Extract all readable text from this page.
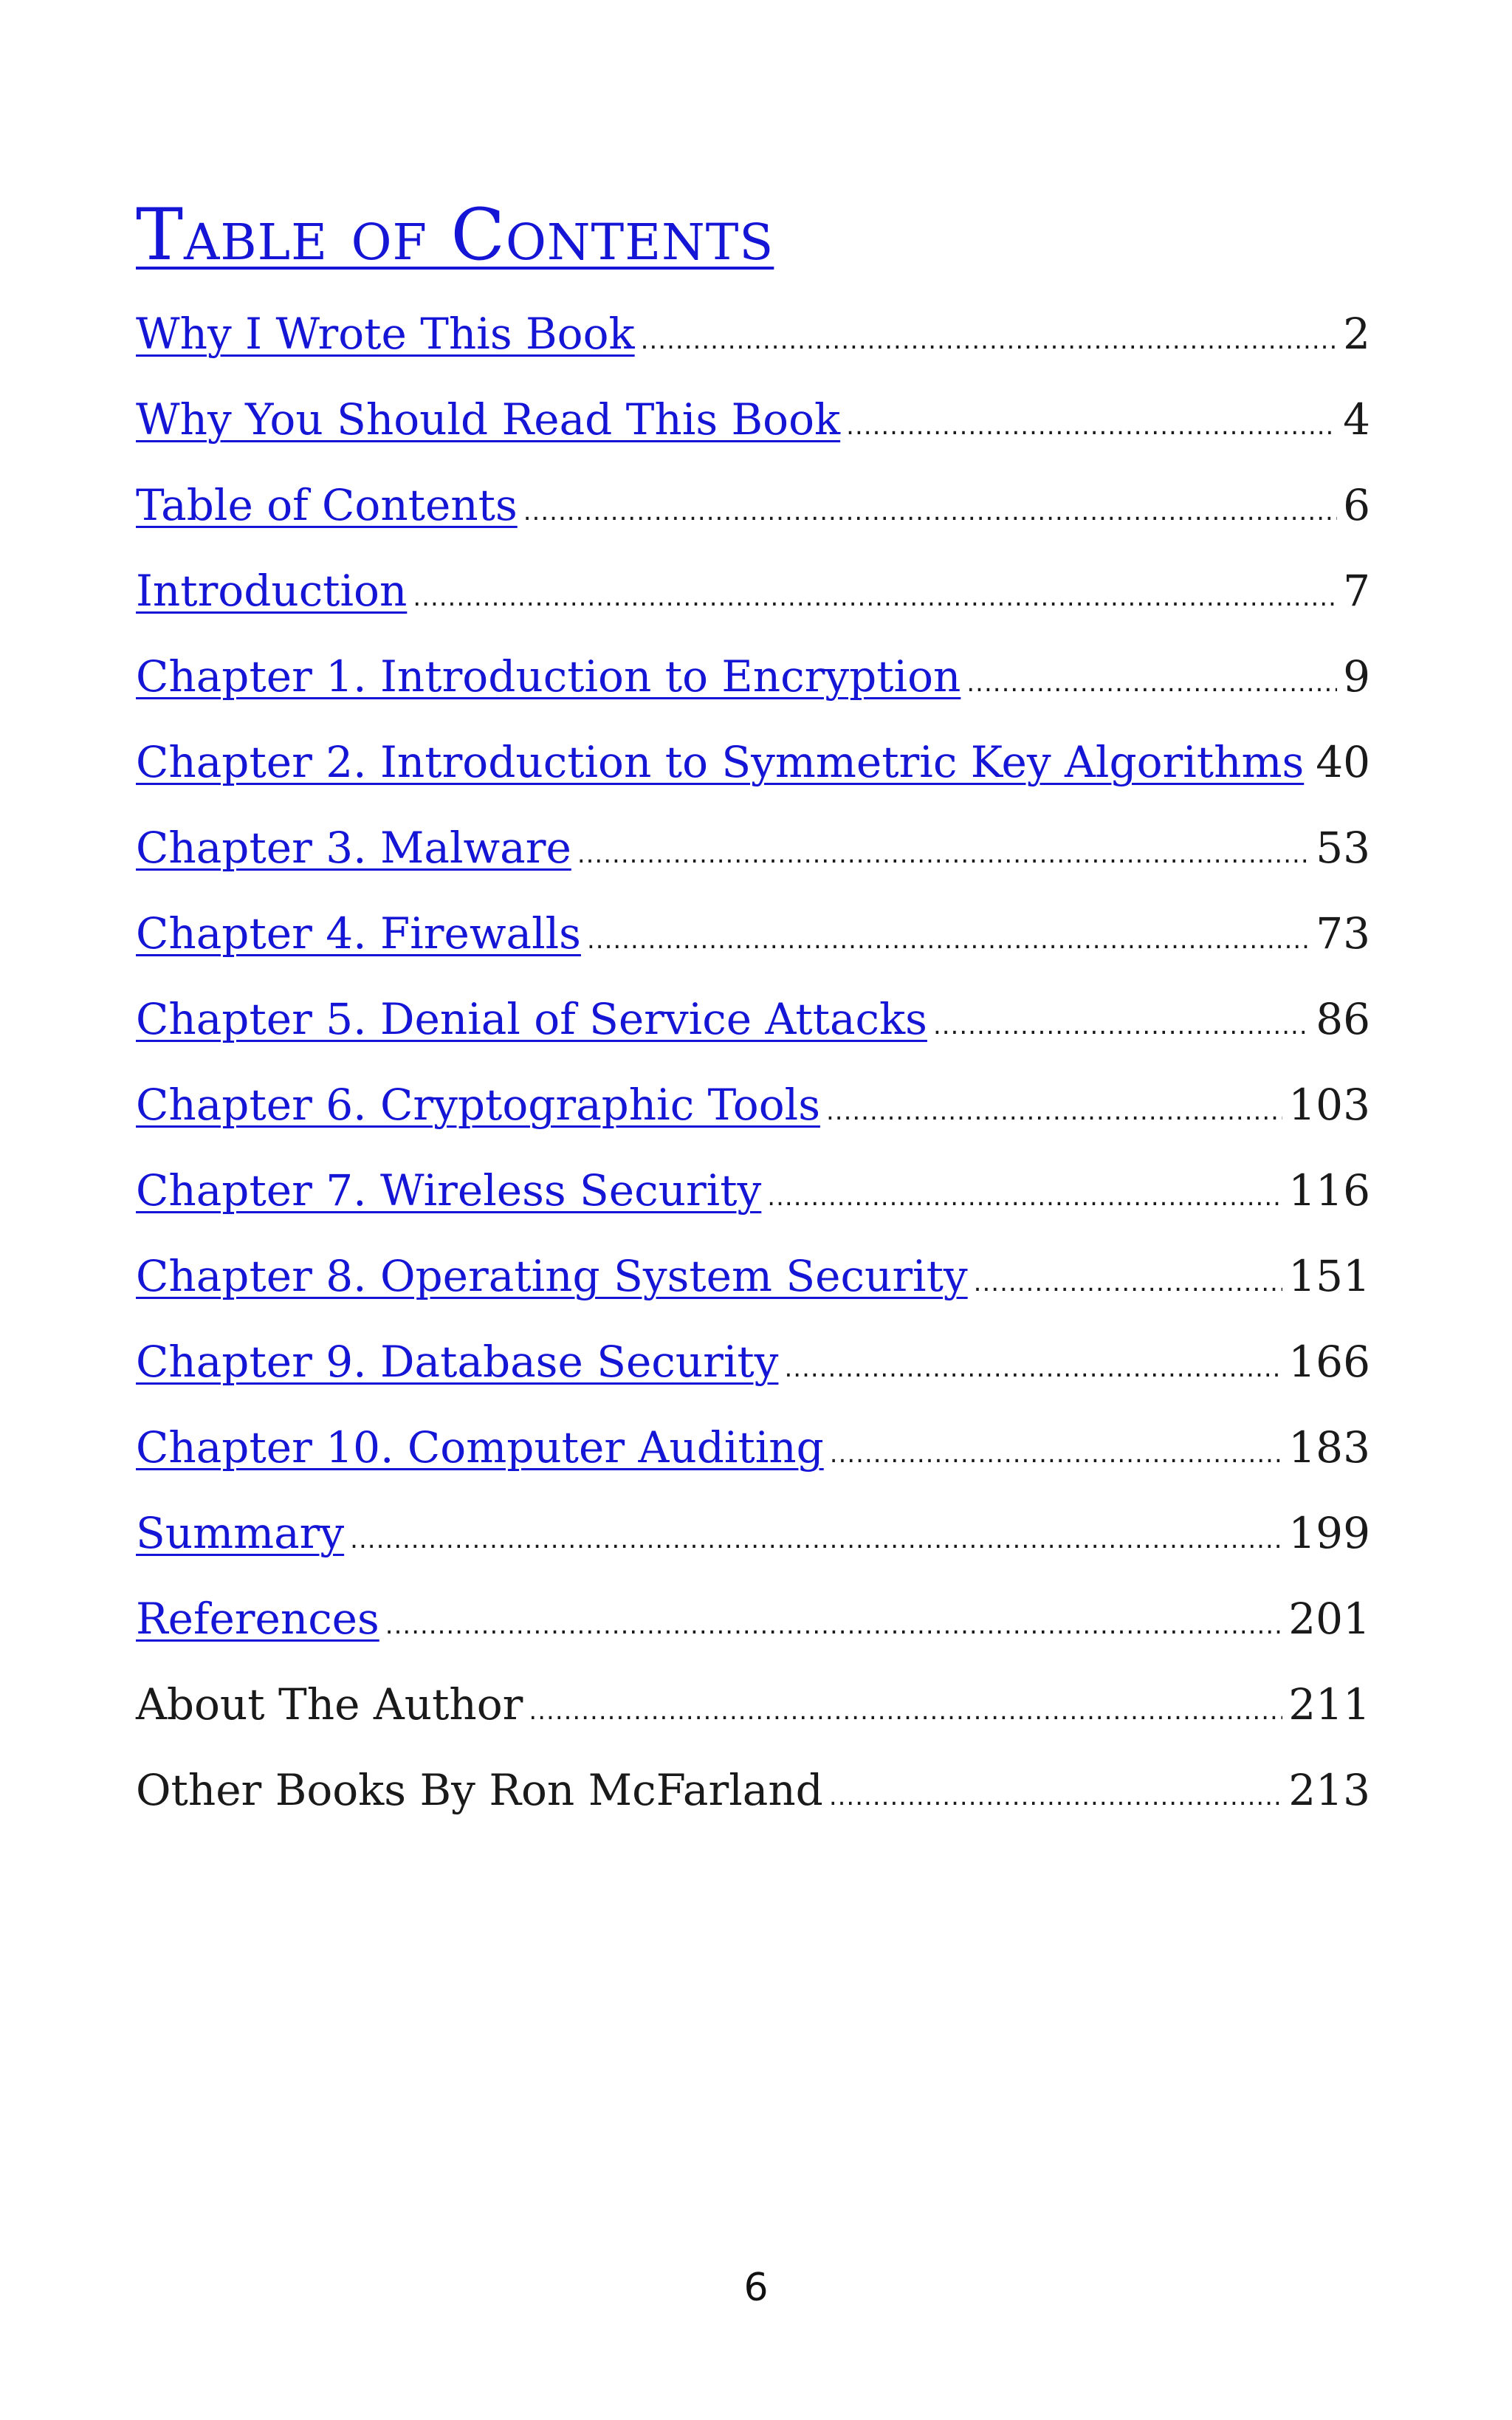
Table of Contents
Why I Wrote This Book .....	2
Why You Should Read This Book .....	4
Table of Contents .....	6
Introduction .....	7
Chapter 1. Introduction to Encryption .....	9
Chapter 2. Introduction to Symmetric Key Algorithms 40
Chapter 3. Malware .....	53
Chapter 4. Firewalls .....	73
Chapter 5. Denial of Service Attacks .....	86
Chapter 6. Cryptographic Tools .....	103
Chapter 7. Wireless Security .....	116
Chapter 8. Operating System Security .....	151
Chapter 9. Database Security .....	166
Chapter 10. Computer Auditing .....	183
Summary .....	199
References .....	201
About The Author .....	211
Other Books By Ron McFarland .....	213
6
